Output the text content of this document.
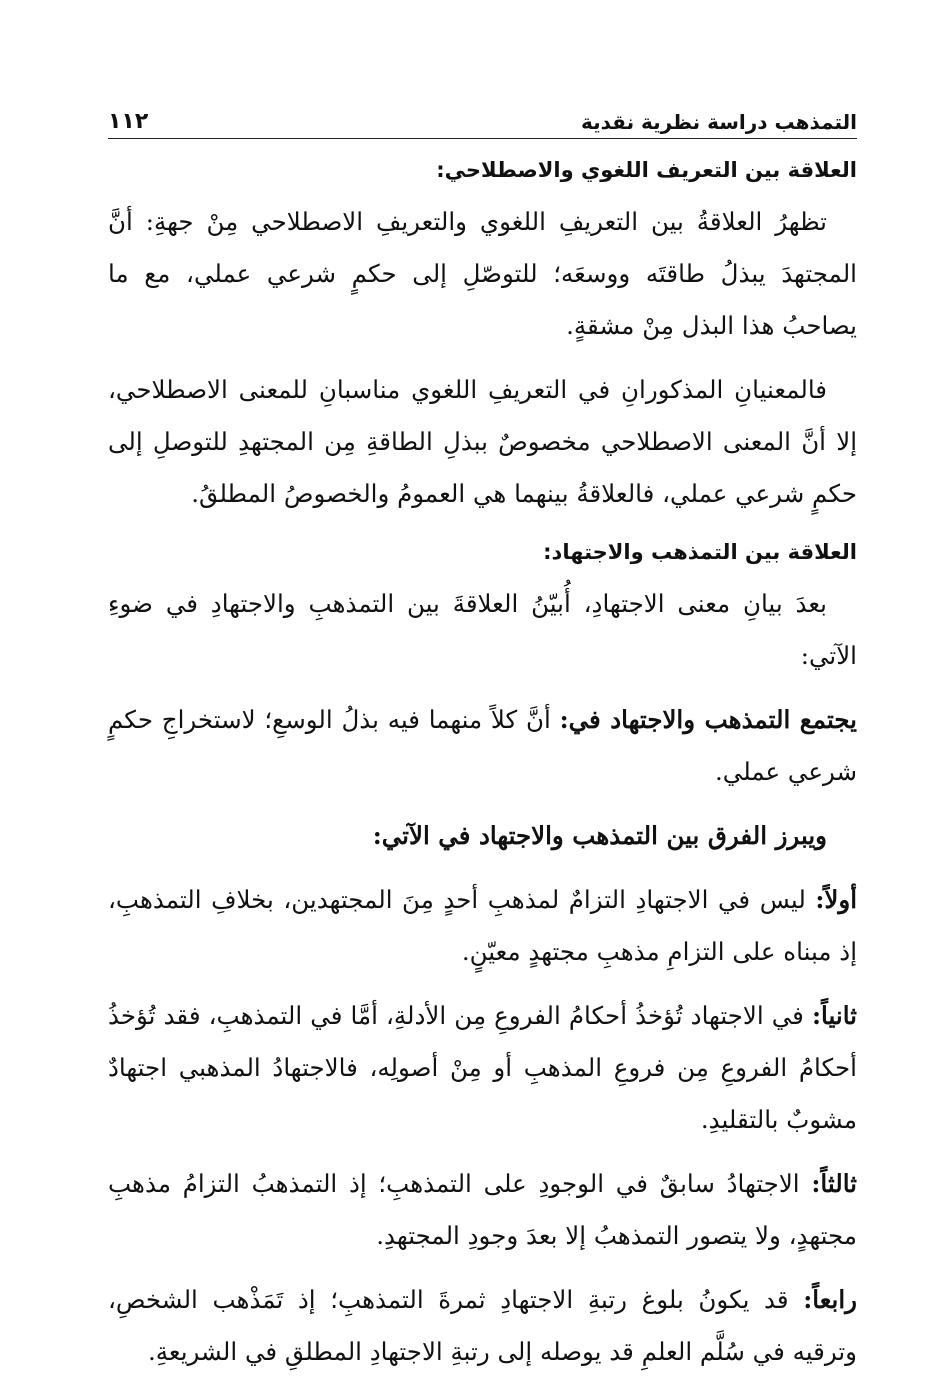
التمذهب دراسة نظرية نقدية
١١٢
العلاقة بين التعريف اللغوي والاصطلاحي:

تظهرُ العلاقةُ بين التعريفِ اللغوي والتعريفِ الاصطلاحي مِنْ جهةِ: أنَّ المجتهدَ يبذلُ طاقتَه ووسعَه؛ للتوصّلِ إلى حكمٍ شرعي عملي، مع ما يصاحبُ هذا البذل مِنْ مشقةٍ.

فالمعنيانِ المذكورانِ في التعريفِ اللغوي مناسبانِ للمعنى الاصطلاحي، إلا أنَّ المعنى الاصطلاحي مخصوصٌ ببذلِ الطاقةِ مِن المجتهدِ للتوصلِ إلى حكمٍ شرعي عملي، فالعلاقةُ بينهما هي العمومُ والخصوصُ المطلقُ.

العلاقة بين التمذهب والاجتهاد:

بعدَ بيانِ معنى الاجتهادِ، أُبيّنُ العلاقةَ بين التمذهبِ والاجتهادِ في ضوءِ الآتي:

يجتمع التمذهب والاجتهاد في: أنَّ كلاً منهما فيه بذلُ الوسعِ؛ لاستخراجِ حكمٍ شرعي عملي.

ويبرز الفرق بين التمذهب والاجتهاد في الآتي:

أولاً: ليس في الاجتهادِ التزامٌ لمذهبِ أحدٍ مِنَ المجتهدين، بخلافِ التمذهبِ، إذ مبناه على التزامِ مذهبِ مجتهدٍ معيّنٍ.

ثانياً: في الاجتهاد تُؤخذُ أحكامُ الفروعِ مِن الأدلةِ، أمَّا في التمذهبِ، فقد تُؤخذُ أحكامُ الفروعِ مِن فروعِ المذهبِ أو مِنْ أصولِه، فالاجتهادُ المذهبي اجتهادٌ مشوبٌ بالتقليدِ.

ثالثاً: الاجتهادُ سابقٌ في الوجودِ على التمذهبِ؛ إذ التمذهبُ التزامُ مذهبِ مجتهدٍ، ولا يتصور التمذهبُ إلا بعدَ وجودِ المجتهدِ.

رابعاً: قد يكونُ بلوغ رتبةِ الاجتهادِ ثمرةَ التمذهبِ؛ إذ تَمَذْهب الشخصِ، وترقيه في سُلَّم العلمِ قد يوصله إلى رتبةِ الاجتهادِ المطلقِ في الشريعةِ.
